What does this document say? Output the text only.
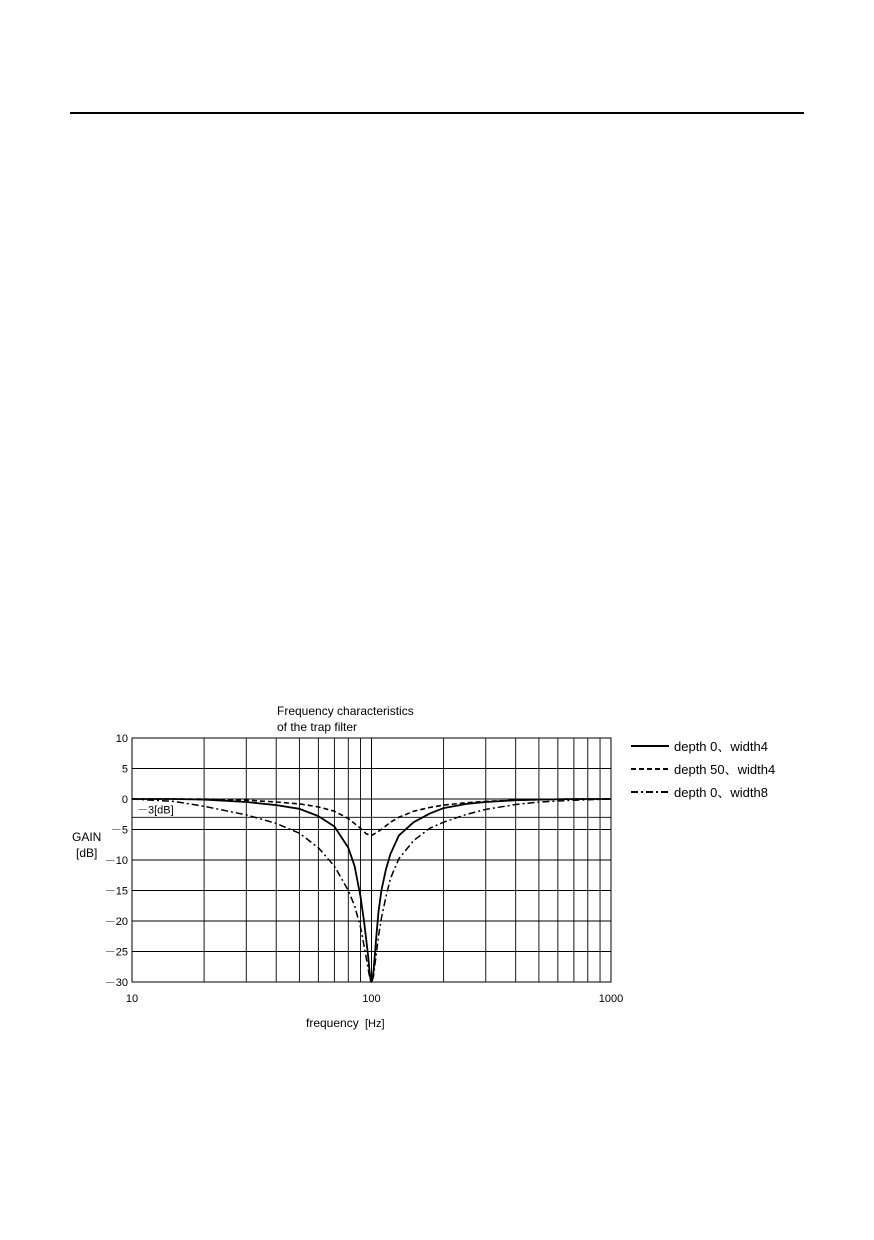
Frequency characteristics
of the trap filter
－3[dB]
10
5
0
－5
－10
－15
－20
－25
－30
10	100	1000
GAIN
[dB]
frequency [Hz]
depth 0、width4
depth 50、width4
depth 0、width8
